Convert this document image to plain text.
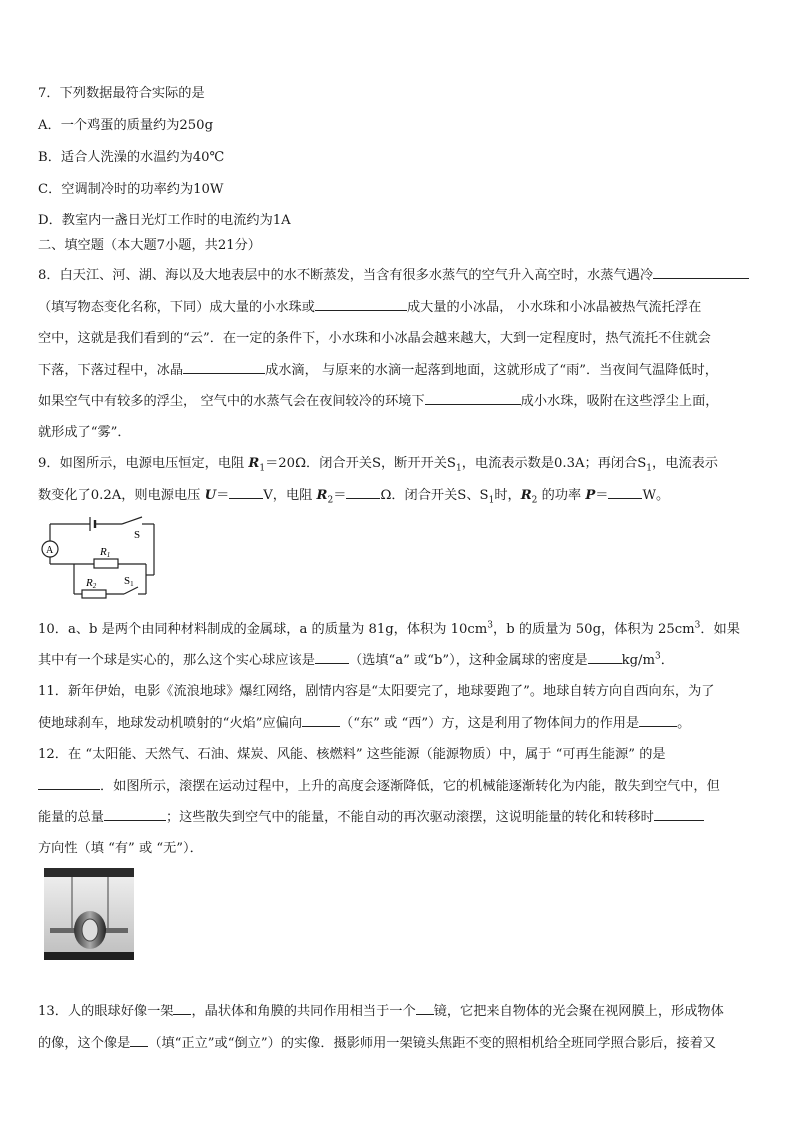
7．下列数据最符合实际的是
A．一个鸡蛋的质量约为250g
B．适合人洗澡的水温约为40℃
C．空调制冷时的功率约为10W
D．教室内一盏日光灯工作时的电流约为1A
二、填空题（本大题7小题，共21分）
8．白天江、河、湖、海以及大地表层中的水不断蒸发，当含有很多水蒸气的空气升入高空时，水蒸气遇冷
（填写物态变化名称，下同）成大量的小水珠或	成大量的小冰晶， 小水珠和小冰晶被热气流托浮在
空中，这就是我们看到的“云”．在一定的条件下，小水珠和小冰晶会越来越大，大到一定程度时，热气流托不住就会
下落，下落过程中，冰晶	成水滴， 与原来的水滴一起落到地面，这就形成了“雨”．当夜间气温降低时，
如果空气中有较多的浮尘， 空气中的水蒸气会在夜间较冷的环境下	成小水珠，吸附在这些浮尘上面，
就形成了“雾”．
9．如图所示，电源电压恒定，电阻 $R_1=20\Omega$．闭合开关S，断开开关$S_1$，电流表示数是0.3A；再闭合$S_1$，电流表示
数变化了0.2A，则电源电压 U＝	V，电阻 $R_2=$	Ω．闭合开关S、$S_1$时，$R_2$ 的功率 P＝	W。
A
S
R1
R2	S1
10．a、b 是两个由同种材料制成的金属球，a 的质量为 81g，体积为 $10cm^3$，b 的质量为 50g，体积为 $25cm^3$．如果
其中有一个球是实心的，那么这个实心球应该是	（选填“a” 或“b”），这种金属球的密度是	$kg/m^3$．
11．新年伊始，电影《流浪地球》爆红网络，剧情内容是“太阳要完了，地球要跑了”。地球自转方向自西向东，为了
使地球刹车，地球发动机喷射的“火焰”应偏向	（“东” 或 “西”）方，这是利用了物体间力的作用是	。
12．在 “太阳能、天然气、石油、煤炭、风能、核燃料” 这些能源（能源物质）中，属于 “可再生能源” 的是
．如图所示，滚摆在运动过程中，上升的高度会逐渐降低，它的机械能逐渐转化为内能，散失到空气中，但
能量的总量	；这些散失到空气中的能量，不能自动的再次驱动滚摆，这说明能量的转化和转移时
方向性（填 “有” 或 “无”）．
13．人的眼球好像一架 ，晶状体和角膜的共同作用相当于一个 镜，它把来自物体的光会聚在视网膜上，形成物体
的像，这个像是 （填“正立”或“倒立”）的实像．摄影师用一架镜头焦距不变的照相机给全班同学照合影后，接着又
